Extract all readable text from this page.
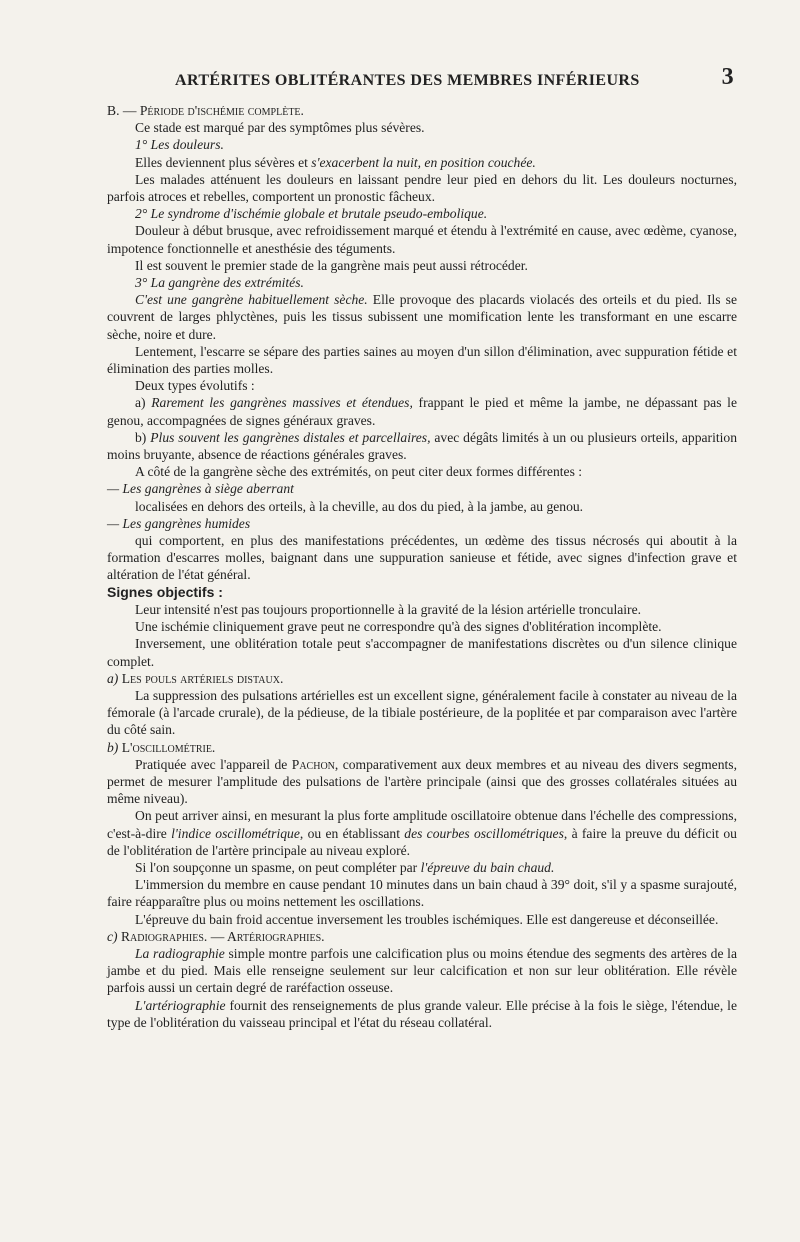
ARTÉRITES OBLITÉRANTES DES MEMBRES INFÉRIEURS	3

B. — Période d'ischémie complète.

Ce stade est marqué par des symptômes plus sévères.

1° Les douleurs.

Elles deviennent plus sévères et s'exacerbent la nuit, en position couchée.

Les malades atténuent les douleurs en laissant pendre leur pied en dehors du lit. Les douleurs nocturnes, parfois atroces et rebelles, comportent un pronostic fâcheux.

2° Le syndrome d'ischémie globale et brutale pseudo-embolique.

Douleur à début brusque, avec refroidissement marqué et étendu à l'extrémité en cause, avec œdème, cyanose, impotence fonctionnelle et anesthésie des téguments.

Il est souvent le premier stade de la gangrène mais peut aussi rétrocéder.

3° La gangrène des extrémités.

C'est une gangrène habituellement sèche. Elle provoque des placards violacés des orteils et du pied. Ils se couvrent de larges phlyctènes, puis les tissus subissent une momification lente les transformant en une escarre sèche, noire et dure.

Lentement, l'escarre se sépare des parties saines au moyen d'un sillon d'élimination, avec suppuration fétide et élimination des parties molles.

Deux types évolutifs :

a) Rarement les gangrènes massives et étendues, frappant le pied et même la jambe, ne dépassant pas le genou, accompagnées de signes généraux graves.

b) Plus souvent les gangrènes distales et parcellaires, avec dégâts limités à un ou plusieurs orteils, apparition moins bruyante, absence de réactions générales graves.

A côté de la gangrène sèche des extrémités, on peut citer deux formes différentes :

— Les gangrènes à siège aberrant

localisées en dehors des orteils, à la cheville, au dos du pied, à la jambe, au genou.

— Les gangrènes humides

qui comportent, en plus des manifestations précédentes, un œdème des tissus nécrosés qui aboutit à la formation d'escarres molles, baignant dans une suppuration sanieuse et fétide, avec signes d'infection grave et altération de l'état général.

Signes objectifs :

Leur intensité n'est pas toujours proportionnelle à la gravité de la lésion artérielle tronculaire.

Une ischémie cliniquement grave peut ne correspondre qu'à des signes d'oblitération incomplète.

Inversement, une oblitération totale peut s'accompagner de manifestations discrètes ou d'un silence clinique complet.

a) Les pouls artériels distaux.

La suppression des pulsations artérielles est un excellent signe, généralement facile à constater au niveau de la fémorale (à l'arcade crurale), de la pédieuse, de la tibiale postérieure, de la poplitée et par comparaison avec l'artère du côté sain.

b) L'oscillométrie.

Pratiquée avec l'appareil de Pachon, comparativement aux deux membres et au niveau des divers segments, permet de mesurer l'amplitude des pulsations de l'artère principale (ainsi que des grosses collatérales situées au même niveau).

On peut arriver ainsi, en mesurant la plus forte amplitude oscillatoire obtenue dans l'échelle des compressions, c'est-à-dire l'indice oscillométrique, ou en établissant des courbes oscillométriques, à faire la preuve du déficit ou de l'oblitération de l'artère principale au niveau exploré.

Si l'on soupçonne un spasme, on peut compléter par l'épreuve du bain chaud.

L'immersion du membre en cause pendant 10 minutes dans un bain chaud à 39° doit, s'il y a spasme surajouté, faire réapparaître plus ou moins nettement les oscillations.

L'épreuve du bain froid accentue inversement les troubles ischémiques. Elle est dangereuse et déconseillée.

c) Radiographies. — Artériographies.

La radiographie simple montre parfois une calcification plus ou moins étendue des segments des artères de la jambe et du pied. Mais elle renseigne seulement sur leur calcification et non sur leur oblitération. Elle révèle parfois aussi un certain degré de raréfaction osseuse.

L'artériographie fournit des renseignements de plus grande valeur. Elle précise à la fois le siège, l'étendue, le type de l'oblitération du vaisseau principal et l'état du réseau collatéral.
